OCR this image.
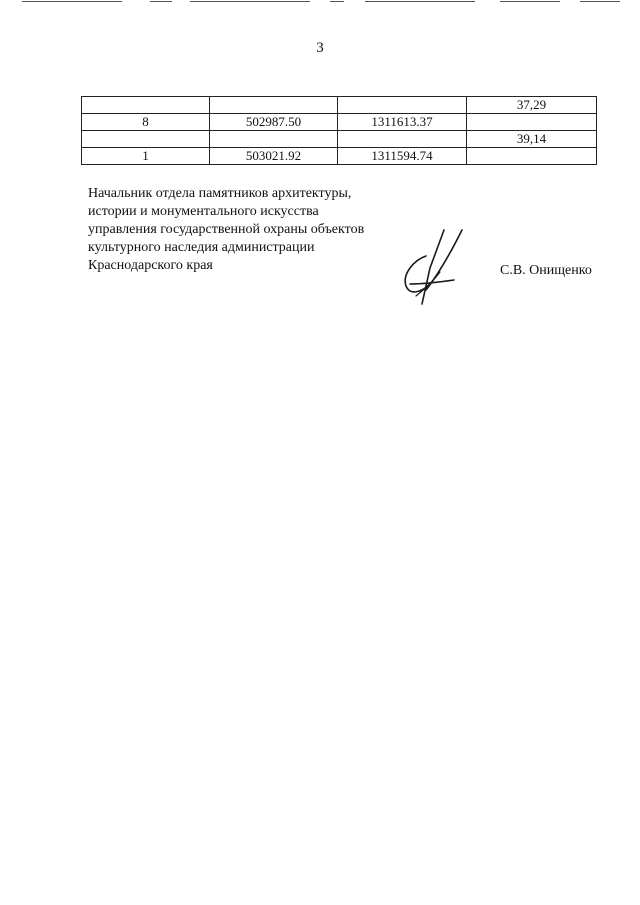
3
			37,29
8	502987.50	1311613.37	
			39,14
1	503021.92	1311594.74	
Начальник отдела памятников архитектуры,
истории и монументального искусства
управления государственной охраны объектов
культурного наследия администрации
Краснодарского края	С.В. Онищенко
